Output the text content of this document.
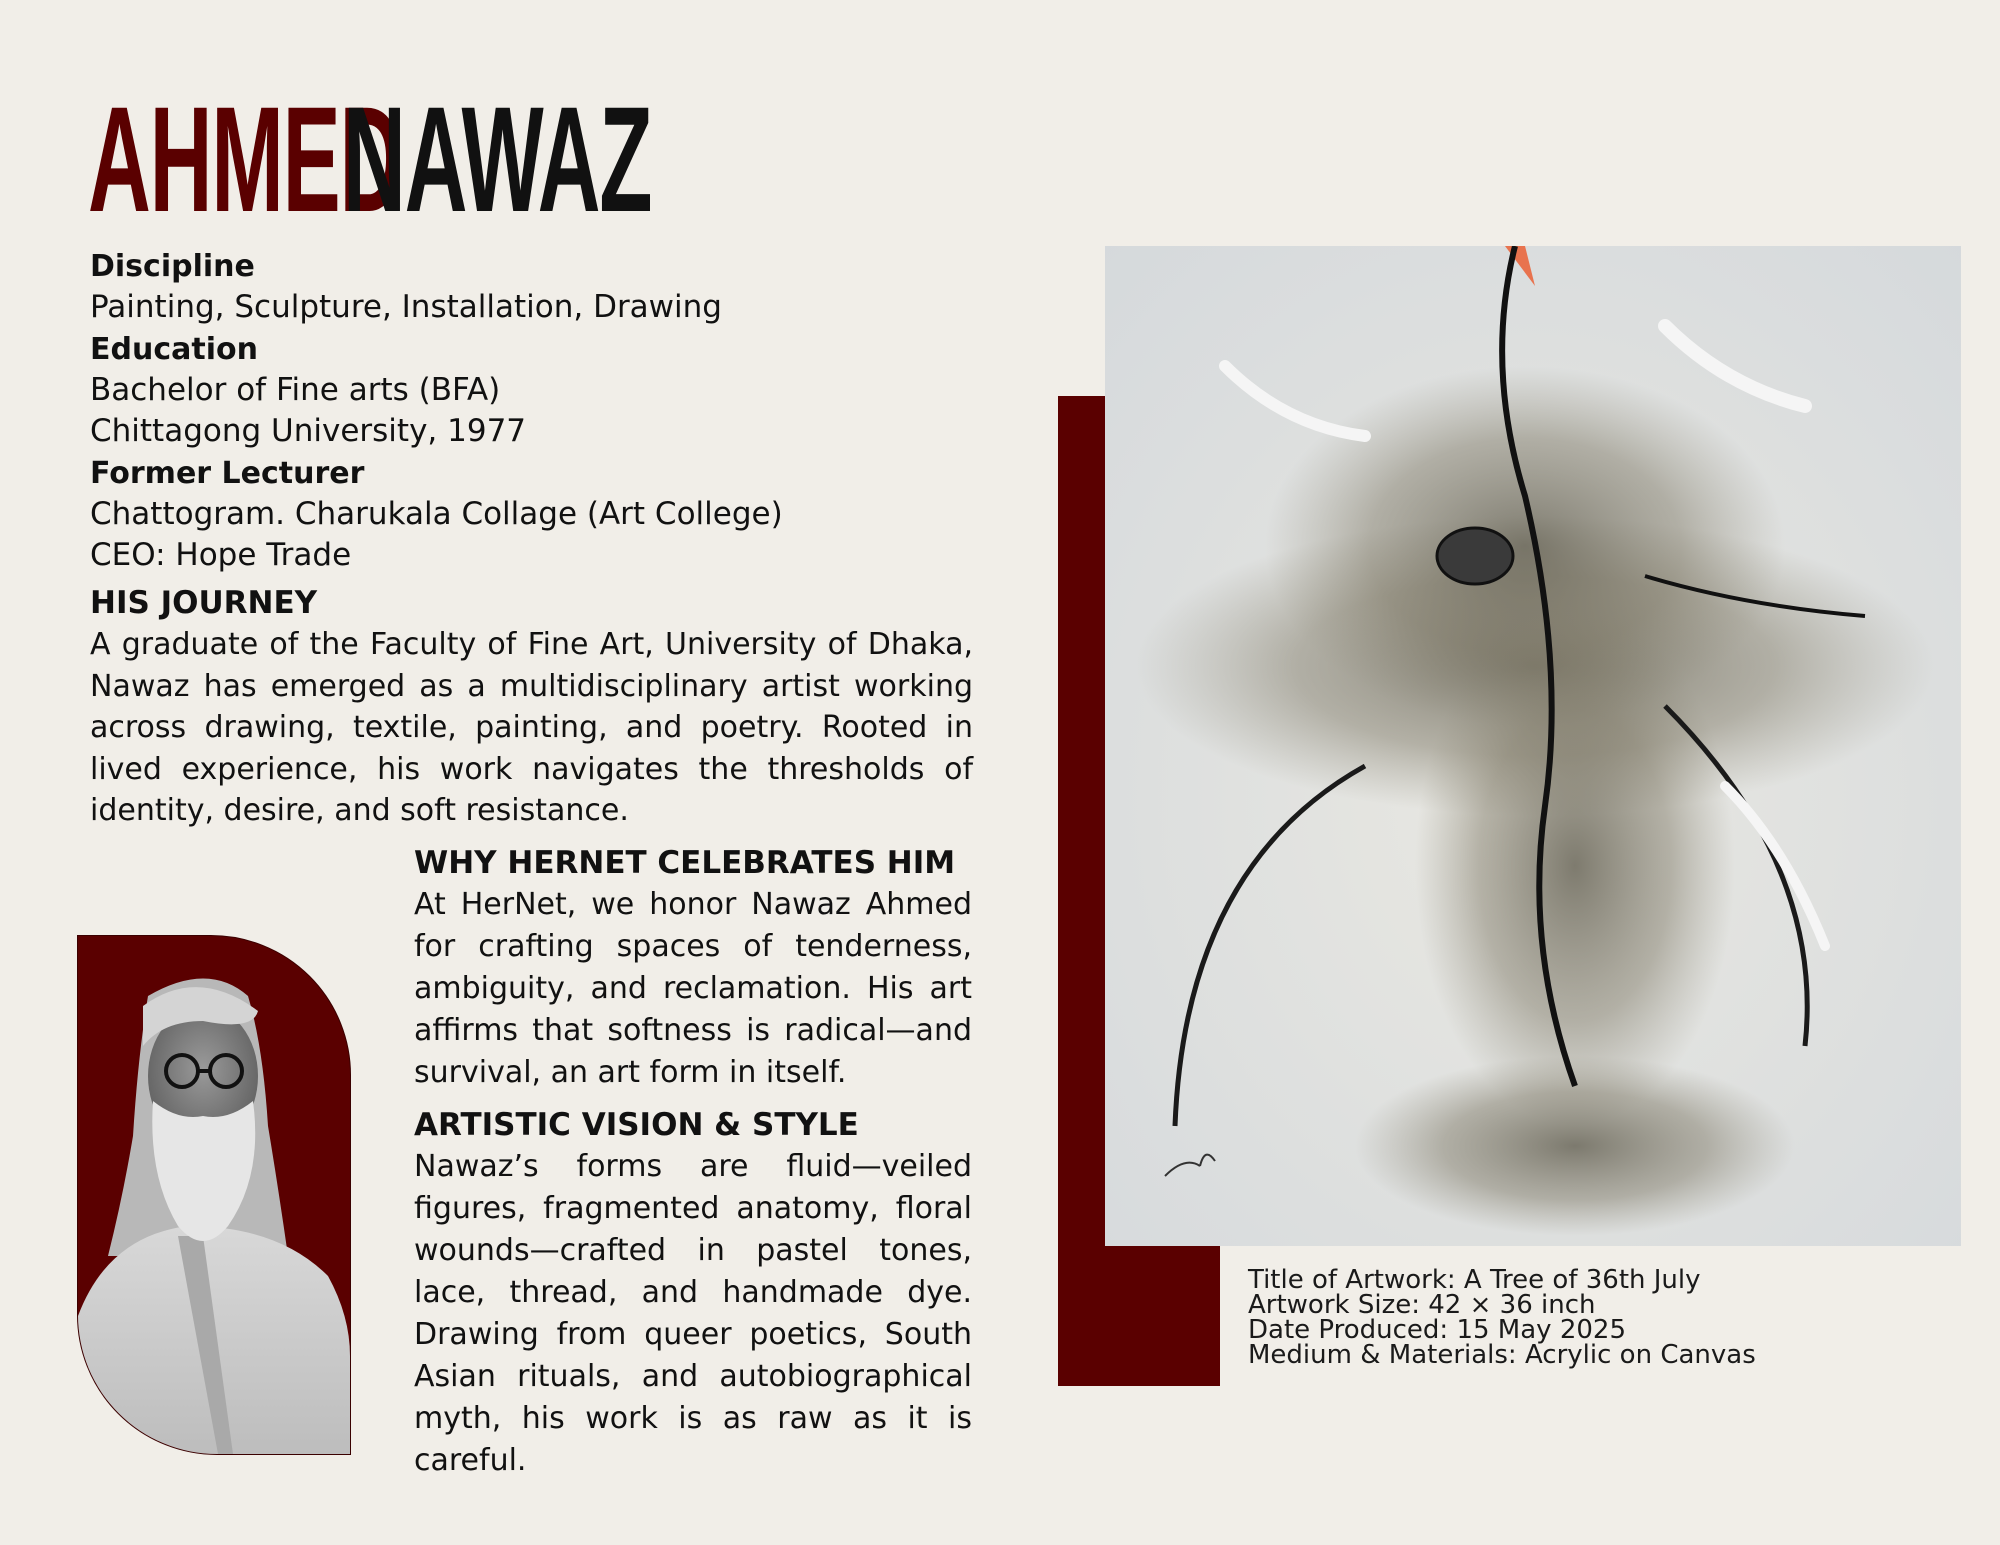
AHMED
NAWAZ
Discipline
Painting, Sculpture, Installation, Drawing
Education
Bachelor of Fine arts (BFA)
Chittagong University, 1977
Former Lecturer
Chattogram. Charukala Collage (Art College)
CEO: Hope Trade
HIS JOURNEY
A graduate of the Faculty of Fine Art, University of Dhaka, Nawaz has emerged as a multidisciplinary artist working across drawing, textile, painting, and poetry. Rooted in lived experience, his work navigates the thresholds of identity, desire, and soft resistance.
WHY HERNET CELEBRATES HIM
At HerNet, we honor Nawaz Ahmed for crafting spaces of tenderness, ambiguity, and reclamation. His art affirms that softness is radical—and survival, an art form in itself.
ARTISTIC VISION & STYLE
Nawaz’s forms are fluid—veiled figures, fragmented anatomy, floral wounds—crafted in pastel tones, lace, thread, and handmade dye. Drawing from queer poetics, South Asian rituals, and autobiographical myth, his work is as raw as it is careful.
Title of Artwork: A Tree of 36th July
Artwork Size: 42 × 36 inch
Date Produced: 15 May 2025
Medium & Materials: Acrylic on Canvas
